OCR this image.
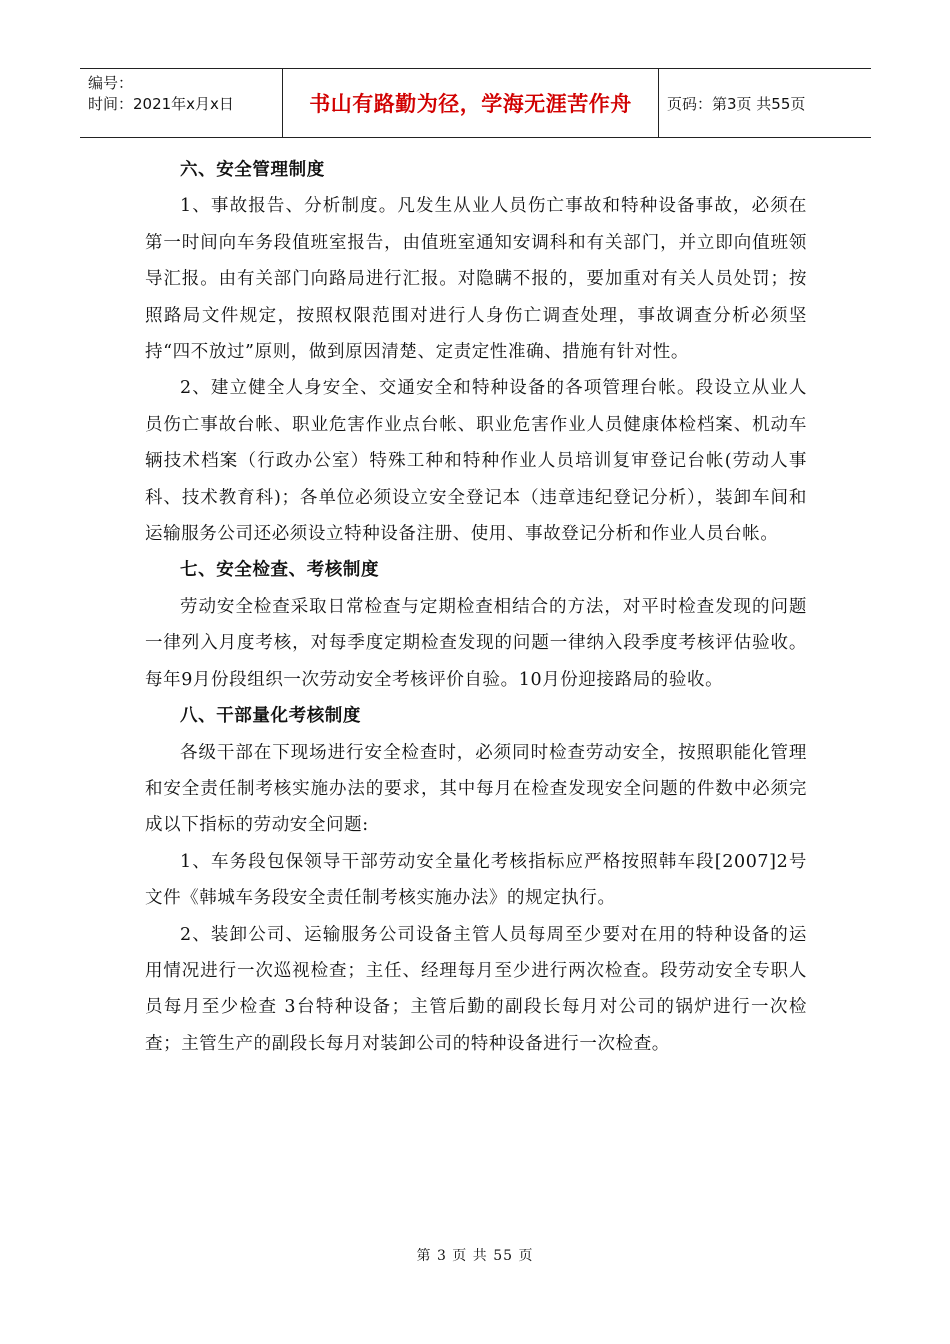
编号：
时间：2021年x月x日	书山有路勤为径，学海无涯苦作舟	页码：第3页 共55页

六、安全管理制度

1、事故报告、分析制度。凡发生从业人员伤亡事故和特种设备事故，必须在第一时间向车务段值班室报告，由值班室通知安调科和有关部门，并立即向值班领导汇报。由有关部门向路局进行汇报。对隐瞒不报的，要加重对有关人员处罚；按照路局文件规定，按照权限范围对进行人身伤亡调查处理，事故调查分析必须坚持“四不放过”原则，做到原因清楚、定责定性准确、措施有针对性。

2、建立健全人身安全、交通安全和特种设备的各项管理台帐。段设立从业人员伤亡事故台帐、职业危害作业点台帐、职业危害作业人员健康体检档案、机动车辆技术档案（行政办公室）特殊工种和特种作业人员培训复审登记台帐(劳动人事科、技术教育科)；各单位必须设立安全登记本（违章违纪登记分析），装卸车间和运输服务公司还必须设立特种设备注册、使用、事故登记分析和作业人员台帐。

七、安全检查、考核制度

劳动安全检查采取日常检查与定期检查相结合的方法，对平时检查发现的问题一律列入月度考核，对每季度定期检查发现的问题一律纳入段季度考核评估验收。每年9月份段组织一次劳动安全考核评价自验。10月份迎接路局的验收。

八、干部量化考核制度

各级干部在下现场进行安全检查时，必须同时检查劳动安全，按照职能化管理和安全责任制考核实施办法的要求，其中每月在检查发现安全问题的件数中必须完成以下指标的劳动安全问题:

1、车务段包保领导干部劳动安全量化考核指标应严格按照韩车段[2007]2号文件《韩城车务段安全责任制考核实施办法》的规定执行。

2、装卸公司、运输服务公司设备主管人员每周至少要对在用的特种设备的运用情况进行一次巡视检查；主任、经理每月至少进行两次检查。段劳动安全专职人员每月至少检查 3台特种设备；主管后勤的副段长每月对公司的锅炉进行一次检查；主管生产的副段长每月对装卸公司的特种设备进行一次检查。

第 3 页 共 55 页
